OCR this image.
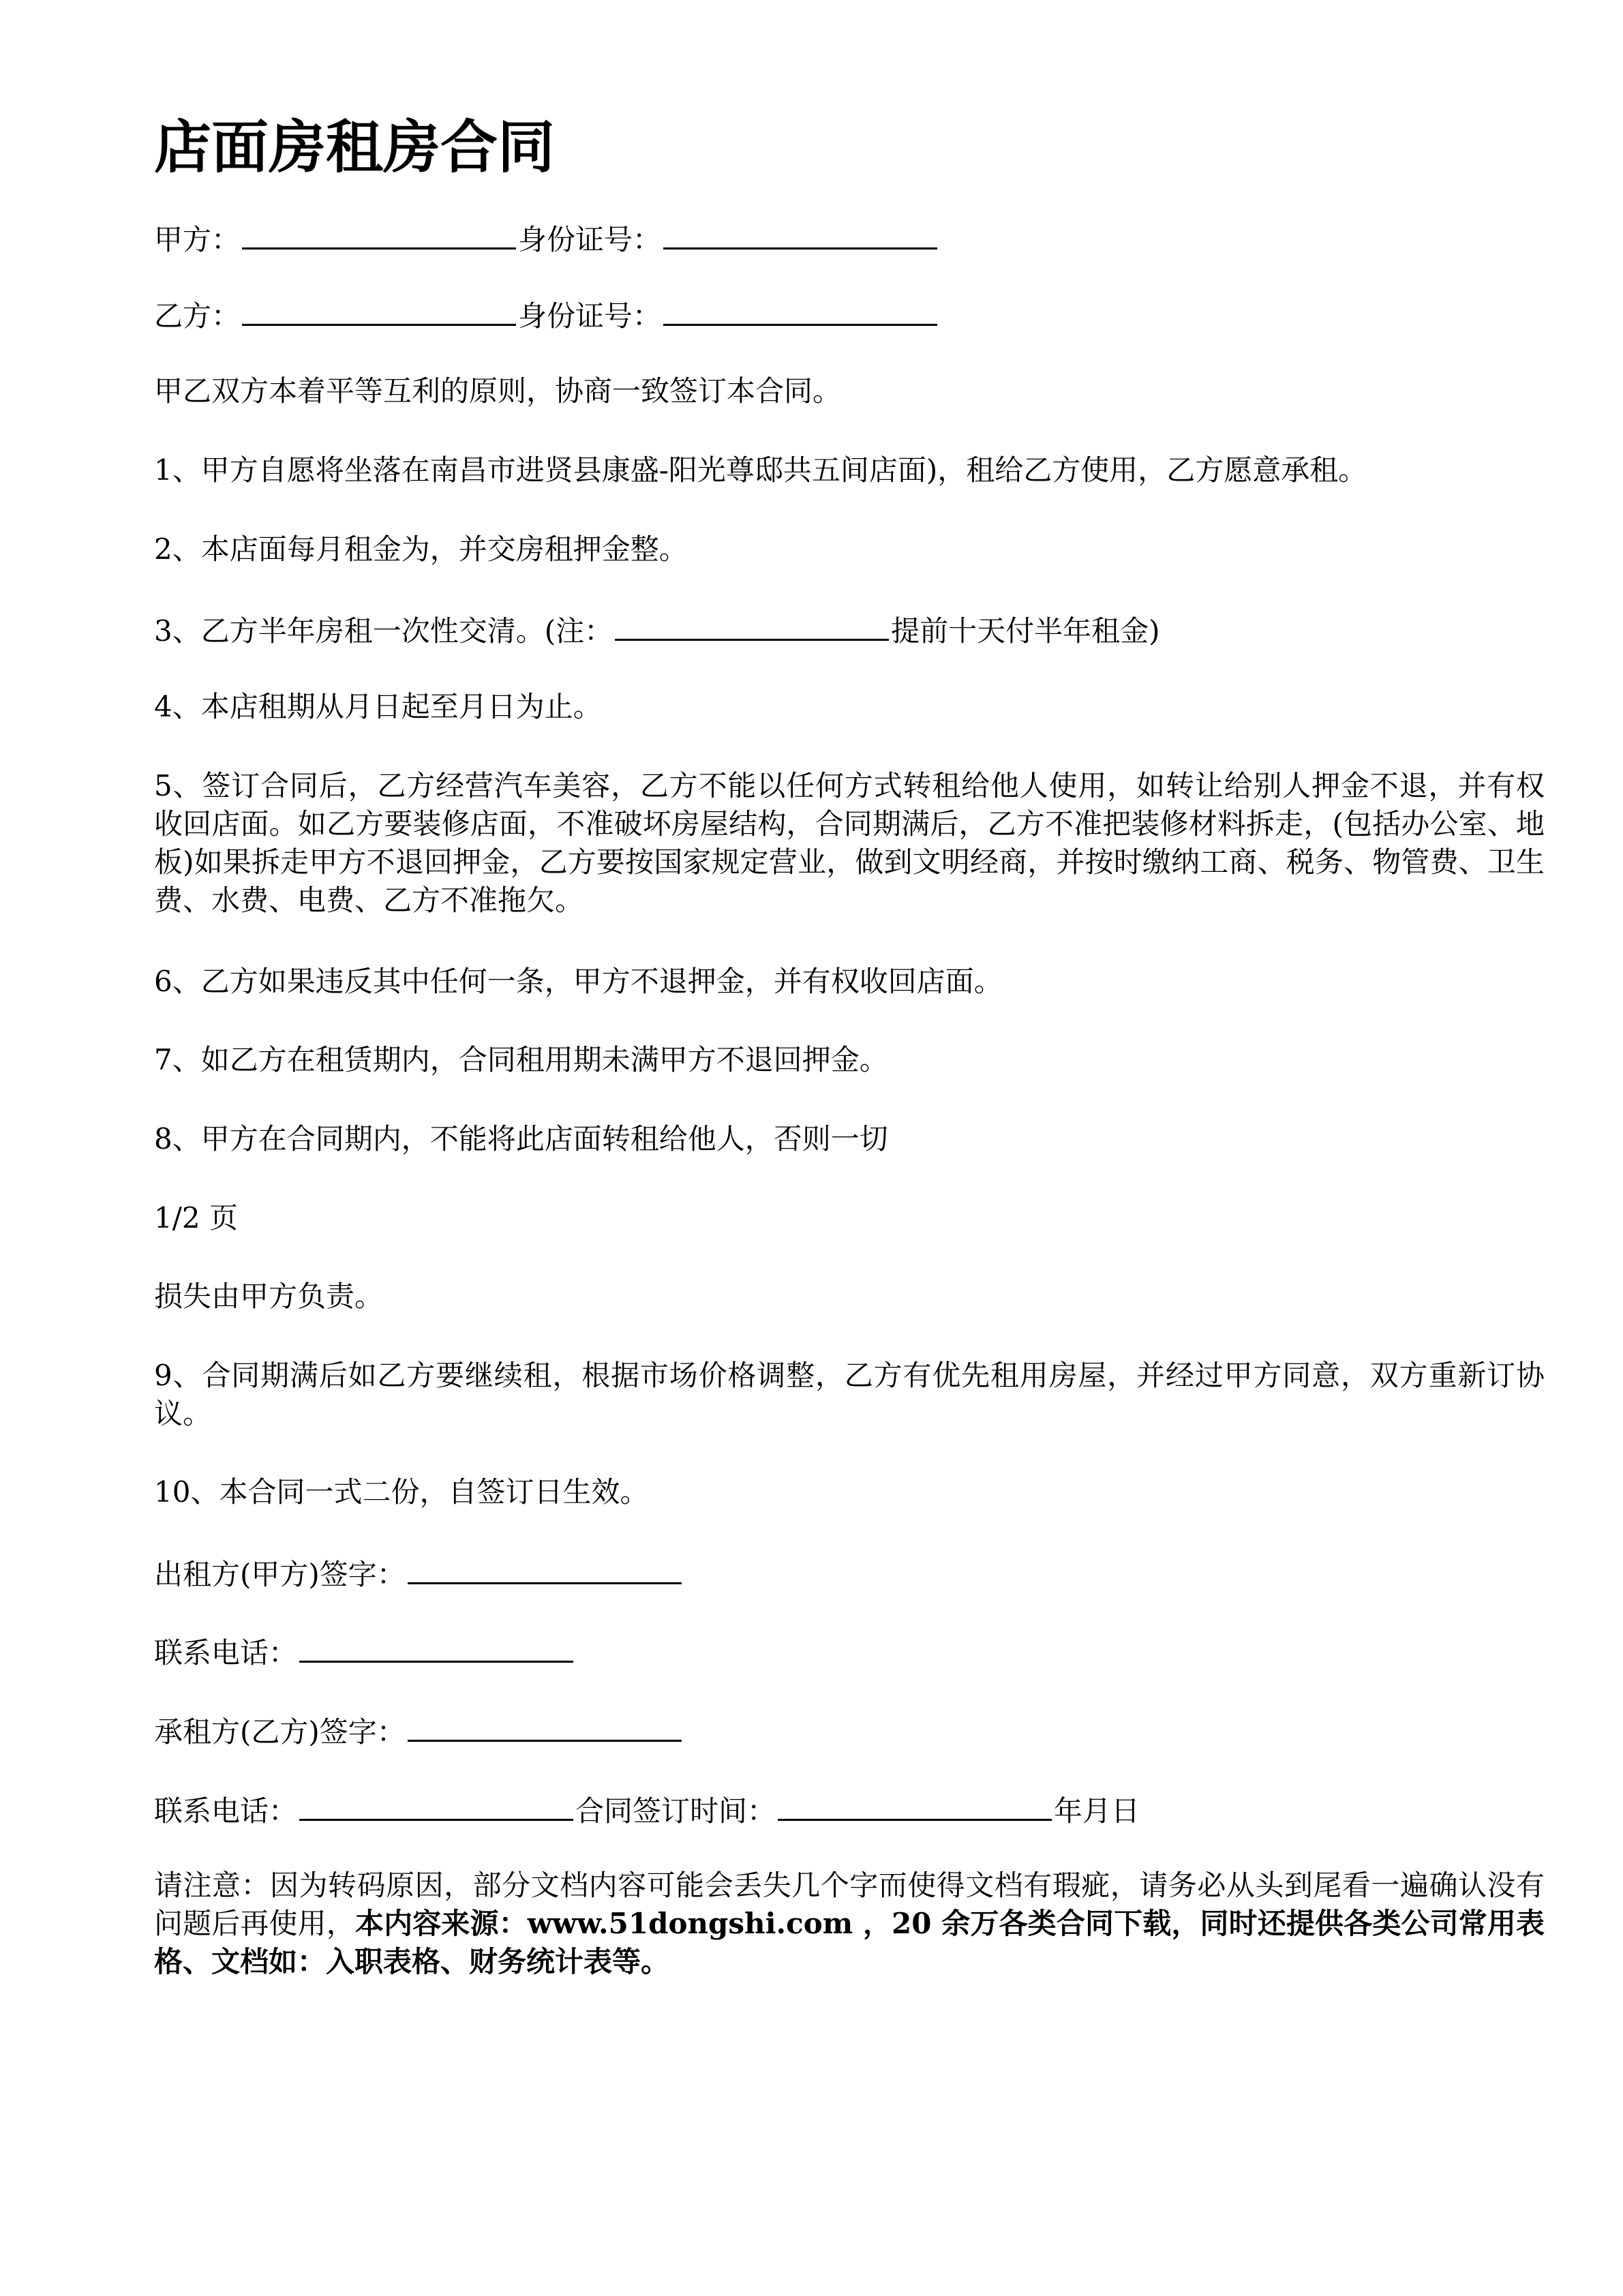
店面房租房合同

甲方：	身份证号：

乙方：	身份证号：

甲乙双方本着平等互利的原则，协商一致签订本合同。

1、甲方自愿将坐落在南昌市进贤县康盛-阳光尊邸共五间店面)，租给乙方使用，乙方愿意承租。

2、本店面每月租金为，并交房租押金整。

3、乙方半年房租一次性交清。(注：	提前十天付半年租金)

4、本店租期从月日起至月日为止。

5、签订合同后，乙方经营汽车美容，乙方不能以任何方式转租给他人使用，如转让给别人押金不退，并有权收回店面。如乙方要装修店面，不准破坏房屋结构，合同期满后，乙方不准把装修材料拆走，(包括办公室、地板)如果拆走甲方不退回押金，乙方要按国家规定营业，做到文明经商，并按时缴纳工商、税务、物管费、卫生费、水费、电费、乙方不准拖欠。

6、乙方如果违反其中任何一条，甲方不退押金，并有权收回店面。

7、如乙方在租赁期内，合同租用期未满甲方不退回押金。

8、甲方在合同期内，不能将此店面转租给他人，否则一切

1/2 页

损失由甲方负责。

9、合同期满后如乙方要继续租，根据市场价格调整，乙方有优先租用房屋，并经过甲方同意，双方重新订协议。

10、本合同一式二份，自签订日生效。

出租方(甲方)签字：

联系电话：

承租方(乙方)签字：

联系电话：	合同签订时间：	年月日

请注意：因为转码原因，部分文档内容可能会丢失几个字而使得文档有瑕疵，请务必从头到尾看一遍确认没有问题后再使用，本内容来源：www.51dongshi.com ，20 余万各类合同下载，同时还提供各类公司常用表格、文档如：入职表格、财务统计表等。
